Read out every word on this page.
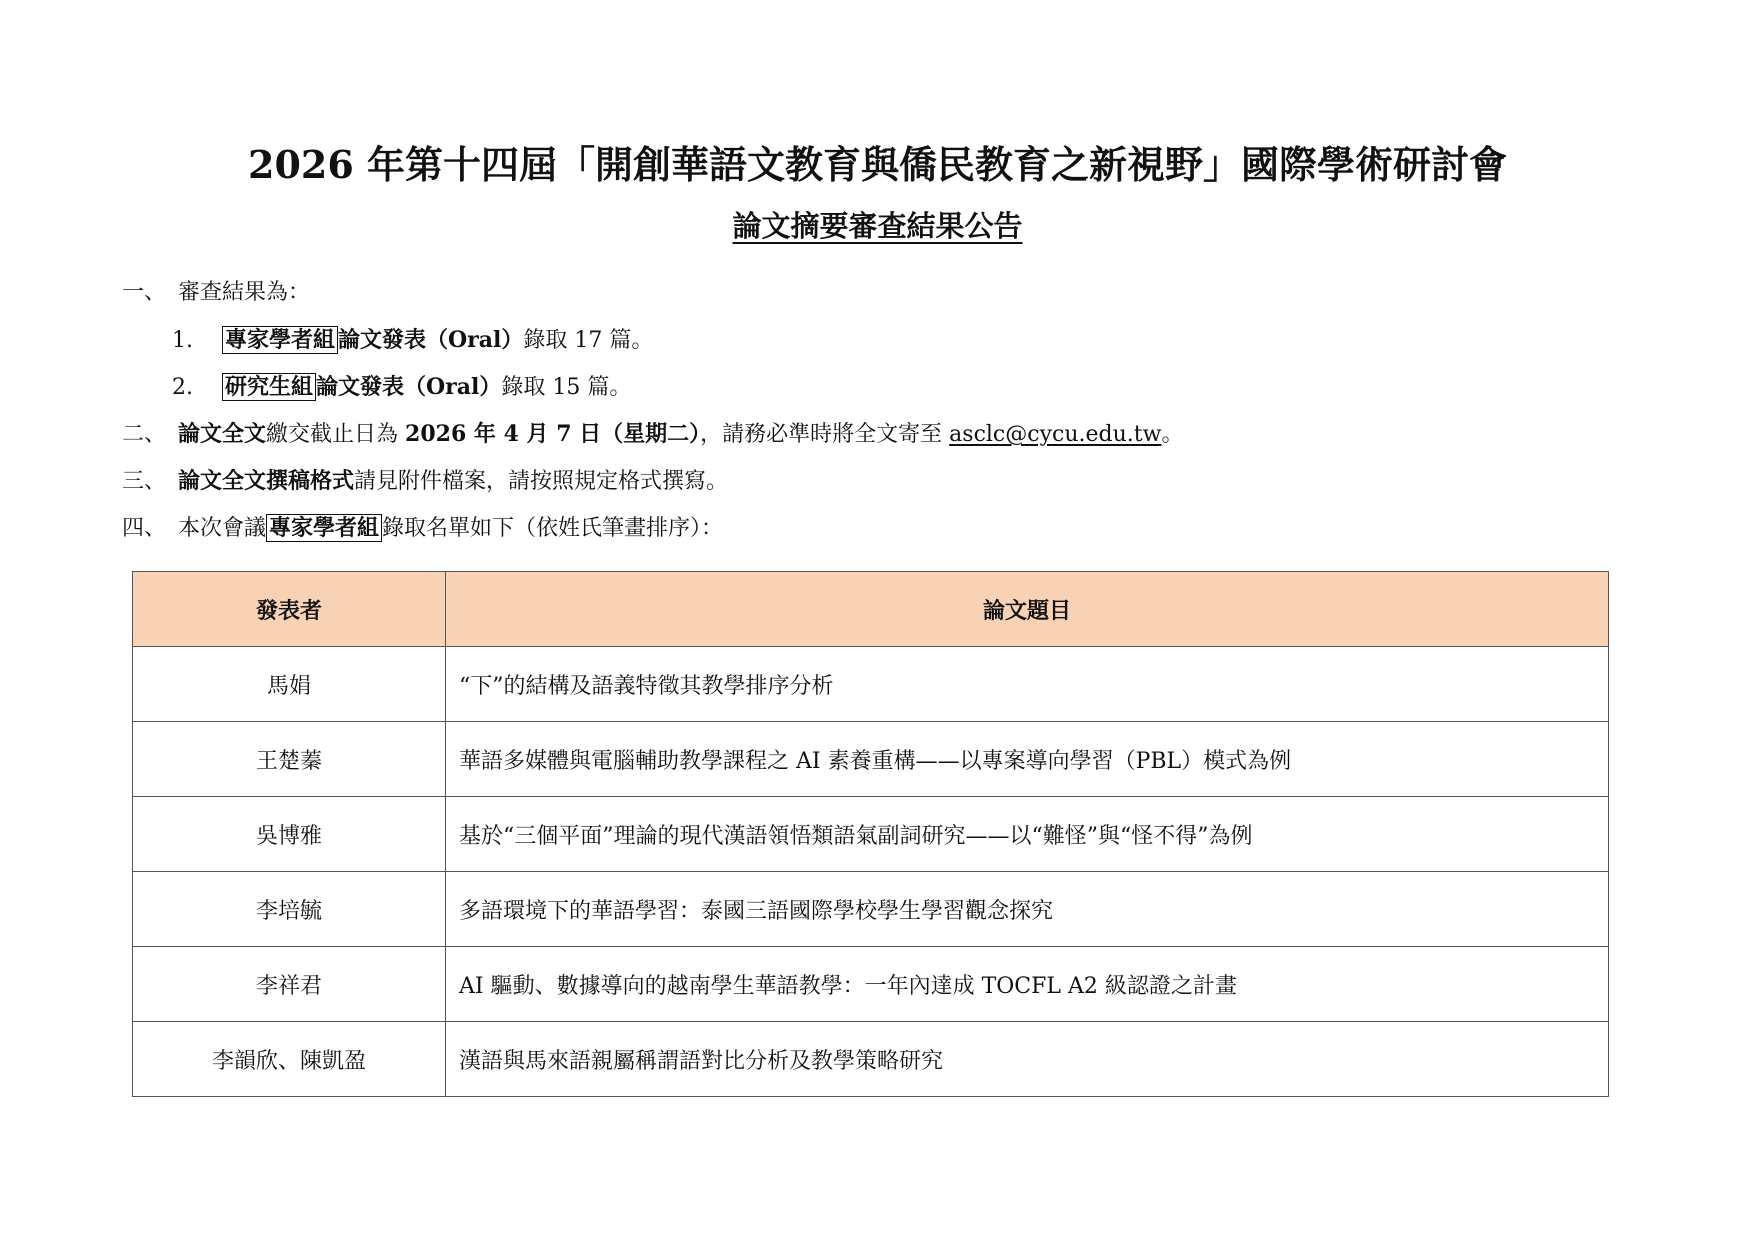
2026 年第十四屆「開創華語文教育與僑民教育之新視野」國際學術研討會
論文摘要審查結果公告
一、 審查結果為：
1. 專家學者組 論文發表（Oral）錄取 17 篇。
2. 研究生組 論文發表（Oral）錄取 15 篇。
二、 論文全文繳交截止日為 2026 年 4 月 7 日（星期二），請務必準時將全文寄至 asclc@cycu.edu.tw。
三、 論文全文撰稿格式請見附件檔案，請按照規定格式撰寫。
四、 本次會議 專家學者組 錄取名單如下（依姓氏筆畫排序）：
發表者	論文題目
馬娟	“下”的結構及語義特徵其教學排序分析
王楚蓁	華語多媒體與電腦輔助教學課程之 AI 素養重構——以專案導向學習（PBL）模式為例
吳博雅	基於“三個平面”理論的現代漢語領悟類語氣副詞研究——以“難怪”與“怪不得”為例
李培毓	多語環境下的華語學習：泰國三語國際學校學生學習觀念探究
李祥君	AI 驅動、數據導向的越南學生華語教學：一年內達成 TOCFL A2 級認證之計畫
李韻欣、陳凱盈	漢語與馬來語親屬稱謂語對比分析及教學策略研究
